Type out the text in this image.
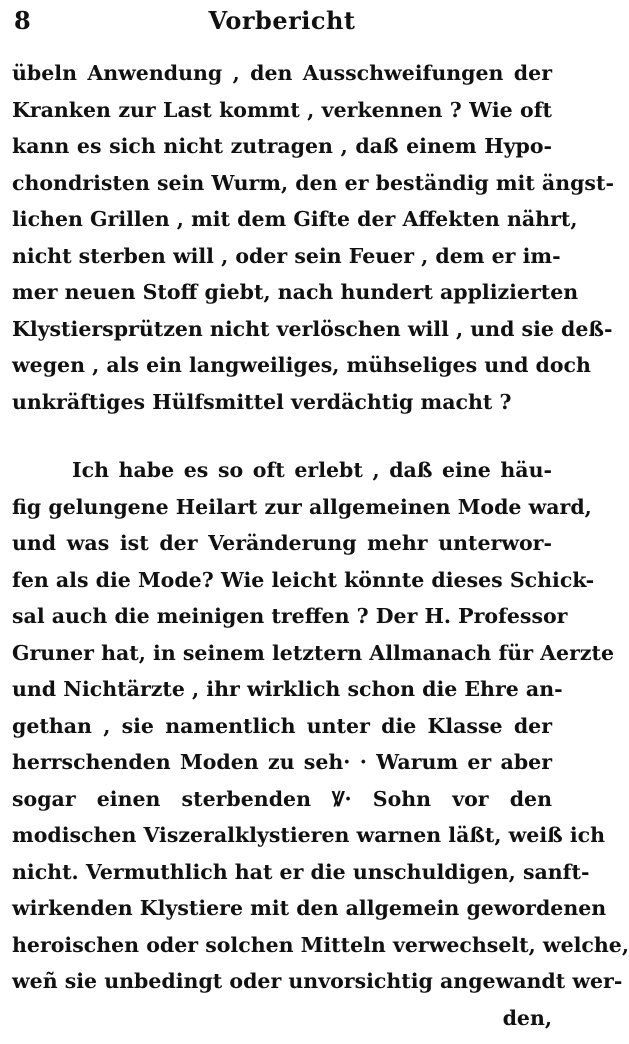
8	Vorbericht
übeln Anwendung , den Ausschweifungen der
Kranken zur Last kommt , verkennen ? Wie oft
kann es sich nicht zutragen , daß einem Hypo-
chondristen sein Wurm, den er beständig mit ängst-
lichen Grillen , mit dem Gifte der Affekten nährt,
nicht sterben will , oder sein Feuer , dem er im-
mer neuen Stoff giebt, nach hundert applizierten
Klystiersprützen nicht verlöschen will , und sie deß-
wegen , als ein langweiliges, mühseliges und doch
unkräftiges Hülfsmittel verdächtig macht ?
Ich habe es so oft erlebt , daß eine häu-
fig gelungene Heilart zur allgemeinen Mode ward,
und was ist der Veränderung mehr unterwor-
fen als die Mode? Wie leicht könnte dieses Schick-
sal auch die meinigen treffen ? Der H. Professor
Gruner hat, in seinem letztern Allmanach für Aerzte
und Nichtärzte , ihr wirklich schon die Ehre an-
gethan , sie namentlich unter die Klasse der
herrschenden Moden zu seh· · Warum er aber
sogar einen sterbenden Ꝟ· Sohn vor den
modischen Viszeralklystieren warnen läßt, weiß ich
nicht. Vermuthlich hat er die unschuldigen, sanft-
wirkenden Klystiere mit den allgemein gewordenen
heroischen oder solchen Mitteln verwechselt, welche,
weñ sie unbedingt oder unvorsichtig angewandt wer-
den,
